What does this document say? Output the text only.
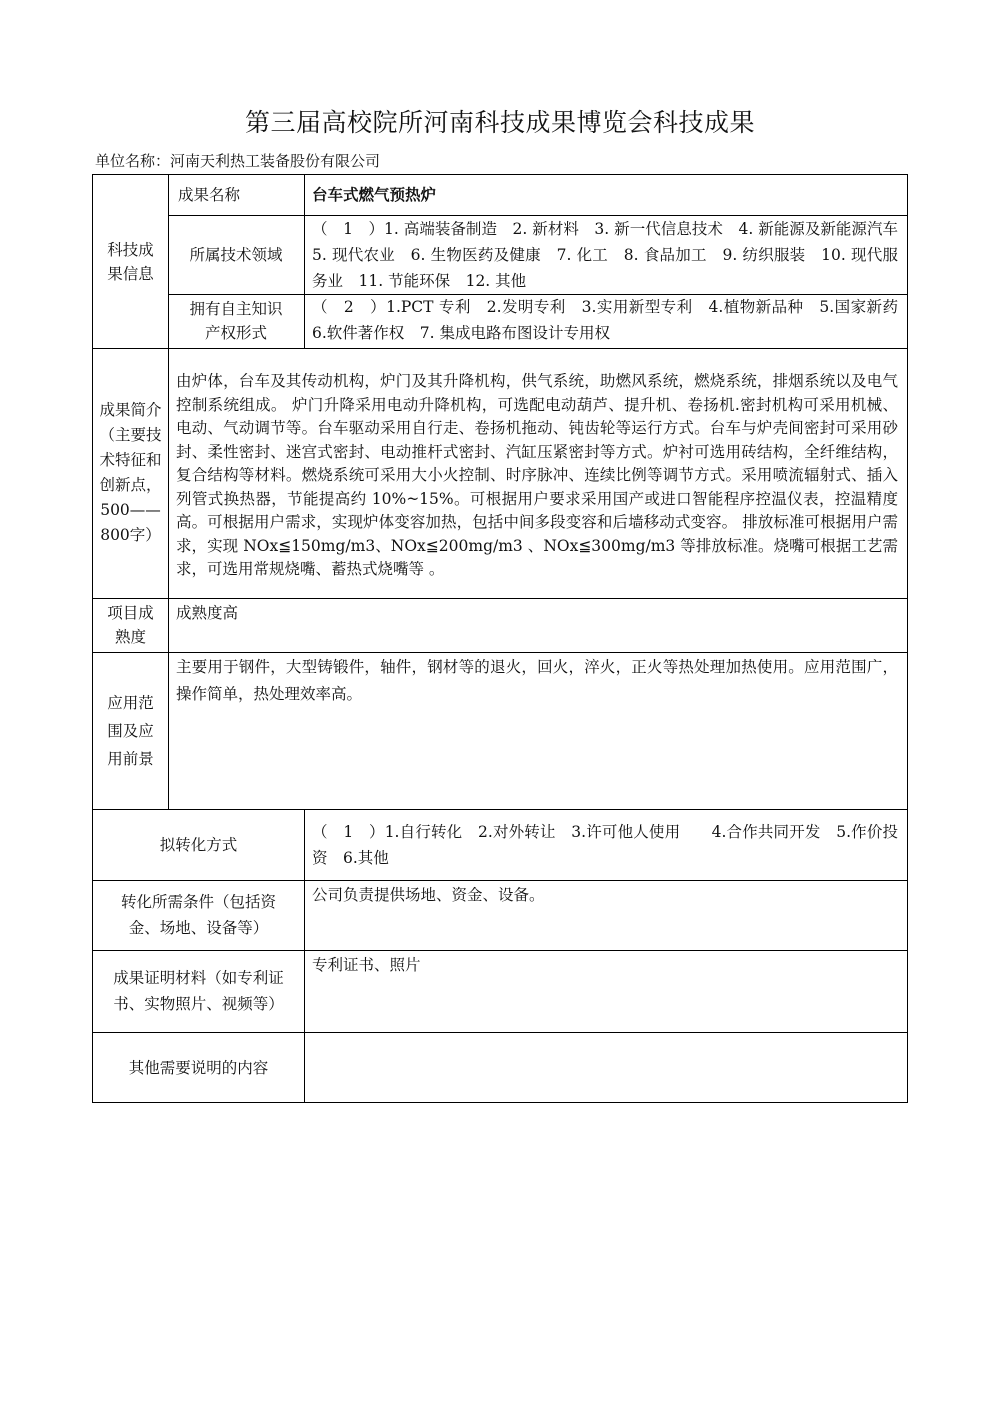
第三届高校院所河南科技成果博览会科技成果
单位名称：河南天利热工装备股份有限公司
科技成果信息
成果名称	台车式燃气预热炉
所属技术领域
（　1　）1. 高端装备制造　2. 新材料　3. 新一代信息技术　4. 新能源及新能源汽车　5. 现代农业　6. 生物医药及健康　7. 化工　8. 食品加工　9. 纺织服装　10. 现代服务业　11. 节能环保　12. 其他
拥有自主知识产权形式
（　2　）1.PCT 专利　2.发明专利　3.实用新型专利　4.植物新品种　5.国家新药　6.软件著作权　7. 集成电路布图设计专用权
成果简介（主要技术特征和创新点，500——800字）
由炉体，台车及其传动机构，炉门及其升降机构，供气系统，助燃风系统，燃烧系统，排烟系统以及电气控制系统组成。 炉门升降采用电动升降机构，可选配电动葫芦、提升机、卷扬机.密封机构可采用机械、电动、气动调节等。台车驱动采用自行走、卷扬机拖动、钝齿轮等运行方式。台车与炉壳间密封可采用砂封、柔性密封、迷宫式密封、电动推杆式密封、汽缸压紧密封等方式。炉衬可选用砖结构，全纤维结构，复合结构等材料。燃烧系统可采用大小火控制、时序脉冲、连续比例等调节方式。采用喷流辐射式、插入列管式换热器，节能提高约 10%~15%。可根据用户要求采用国产或进口智能程序控温仪表，控温精度高。可根据用户需求，实现炉体变容加热，包括中间多段变容和后墙移动式变容。 排放标准可根据用户需求，实现 NOx≦150mg/m3、NOx≦200mg/m3 、NOx≦300mg/m3 等排放标准。烧嘴可根据工艺需求，可选用常规烧嘴、蓄热式烧嘴等 。
项目成熟度
成熟度高
应用范围及应用前景
主要用于钢件，大型铸锻件，轴件，钢材等的退火，回火，淬火，正火等热处理加热使用。应用范围广，操作简单，热处理效率高。
拟转化方式
（　1　）1.自行转化　2.对外转让　3.许可他人使用　　4.合作共同开发　5.作价投资　6.其他
转化所需条件（包括资金、场地、设备等）
公司负责提供场地、资金、设备。
成果证明材料（如专利证书、实物照片、视频等）
专利证书、照片
其他需要说明的内容
